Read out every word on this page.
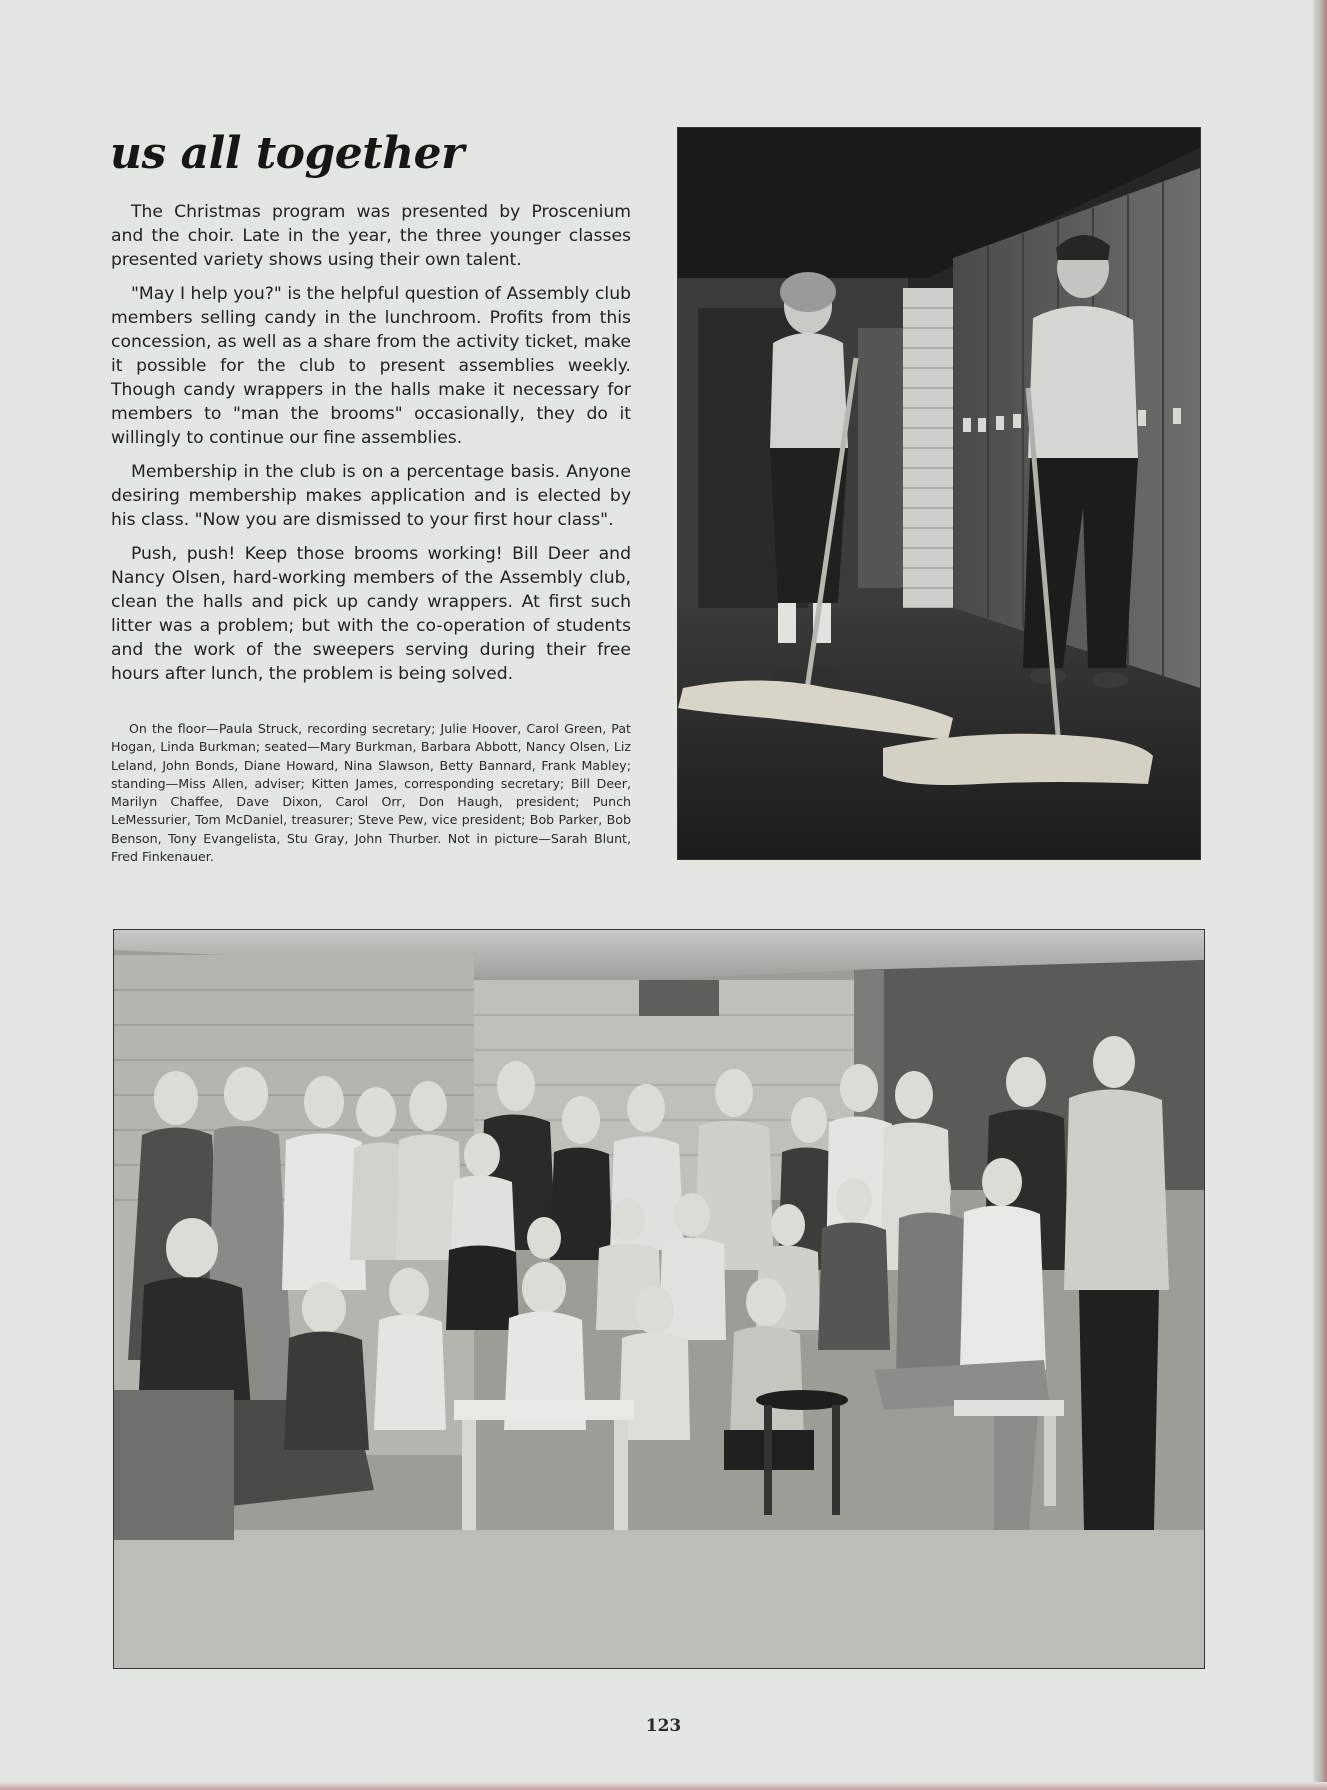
us all together

The Christmas program was presented by Proscenium and the choir. Late in the year, the three younger classes presented variety shows using their own talent.

"May I help you?" is the helpful question of Assembly club members selling candy in the lunchroom. Profits from this concession, as well as a share from the activity ticket, make it possible for the club to present assemblies weekly. Though candy wrappers in the halls make it necessary for members to "man the brooms" occasionally, they do it willingly to continue our fine assemblies.

Membership in the club is on a percentage basis. Anyone desiring membership makes application and is elected by his class. "Now you are dismissed to your first hour class".

Push, push! Keep those brooms working! Bill Deer and Nancy Olsen, hard-working members of the Assembly club, clean the halls and pick up candy wrappers. At first such litter was a problem; but with the co-operation of students and the work of the sweepers serving during their free hours after lunch, the problem is being solved.

On the floor—Paula Struck, recording secretary; Julie Hoover, Carol Green, Pat Hogan, Linda Burkman; seated—Mary Burkman, Barbara Abbott, Nancy Olsen, Liz Leland, John Bonds, Diane Howard, Nina Slawson, Betty Bannard, Frank Mabley; standing—Miss Allen, adviser; Kitten James, corresponding secretary; Bill Deer, Marilyn Chaffee, Dave Dixon, Carol Orr, Don Haugh, president; Punch LeMessurier, Tom McDaniel, treasurer; Steve Pew, vice president; Bob Parker, Bob Benson, Tony Evangelista, Stu Gray, John Thurber. Not in picture—Sarah Blunt, Fred Finkenauer.
123
